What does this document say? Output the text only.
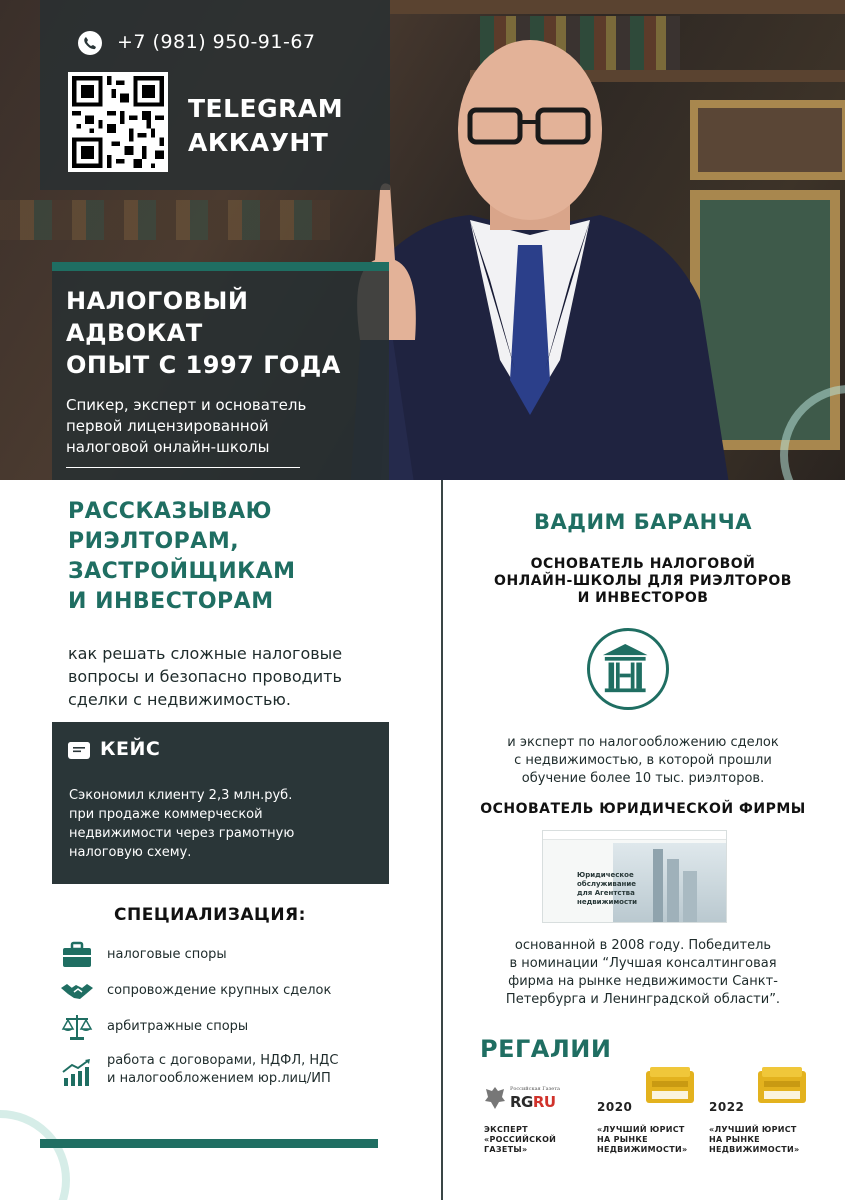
+7 (981) 950-91-67
TELEGRAM
АККАУНТ
НАЛОГОВЫЙ
АДВОКАТ
ОПЫТ С 1997 ГОДА
Спикер, эксперт и основатель
первой лицензированной
налоговой онлайн-школы
РАССКАЗЫВАЮ
РИЭЛТОРАМ,
ЗАСТРОЙЩИКАМ
И ИНВЕСТОРАМ
как решать сложные налоговые
вопросы и безопасно проводить
сделки с недвижимостью.
КЕЙС
Сэкономил клиенту 2,3 млн.руб.
при продаже коммерческой
недвижимости через грамотную
налоговую схему.
СПЕЦИАЛИЗАЦИЯ:
налоговые споры
сопровождение крупных сделок
арбитражные споры
работа с договорами, НДФЛ, НДС
и налогообложением юр.лиц/ИП
ВАДИМ БАРАНЧА
ОСНОВАТЕЛЬ НАЛОГОВОЙ
ОНЛАЙН-ШКОЛЫ ДЛЯ РИЭЛТОРОВ
И ИНВЕСТОРОВ
и эксперт по налогообложению сделок
с недвижимостью, в которой прошли
обучение более 10 тыс. риэлторов.
ОСНОВАТЕЛЬ ЮРИДИЧЕСКОЙ ФИРМЫ
Юридическое
обслуживание
для Агентства
недвижимости
основанной в 2008 году. Победитель
в номинации “Лучшая консалтинговая
фирма на рынке недвижимости Санкт-
Петербурга и Ленинградской области”.
РЕГАЛИИ
Российская Газета
RGRU	2020	2022
ЭКСПЕРТ
«РОССИЙСКОЙ
ГАЗЕТЫ»
«ЛУЧШИЙ ЮРИСТ
НА РЫНКЕ
НЕДВИЖИМОСТИ»
«ЛУЧШИЙ ЮРИСТ
НА РЫНКЕ
НЕДВИЖИМОСТИ»
